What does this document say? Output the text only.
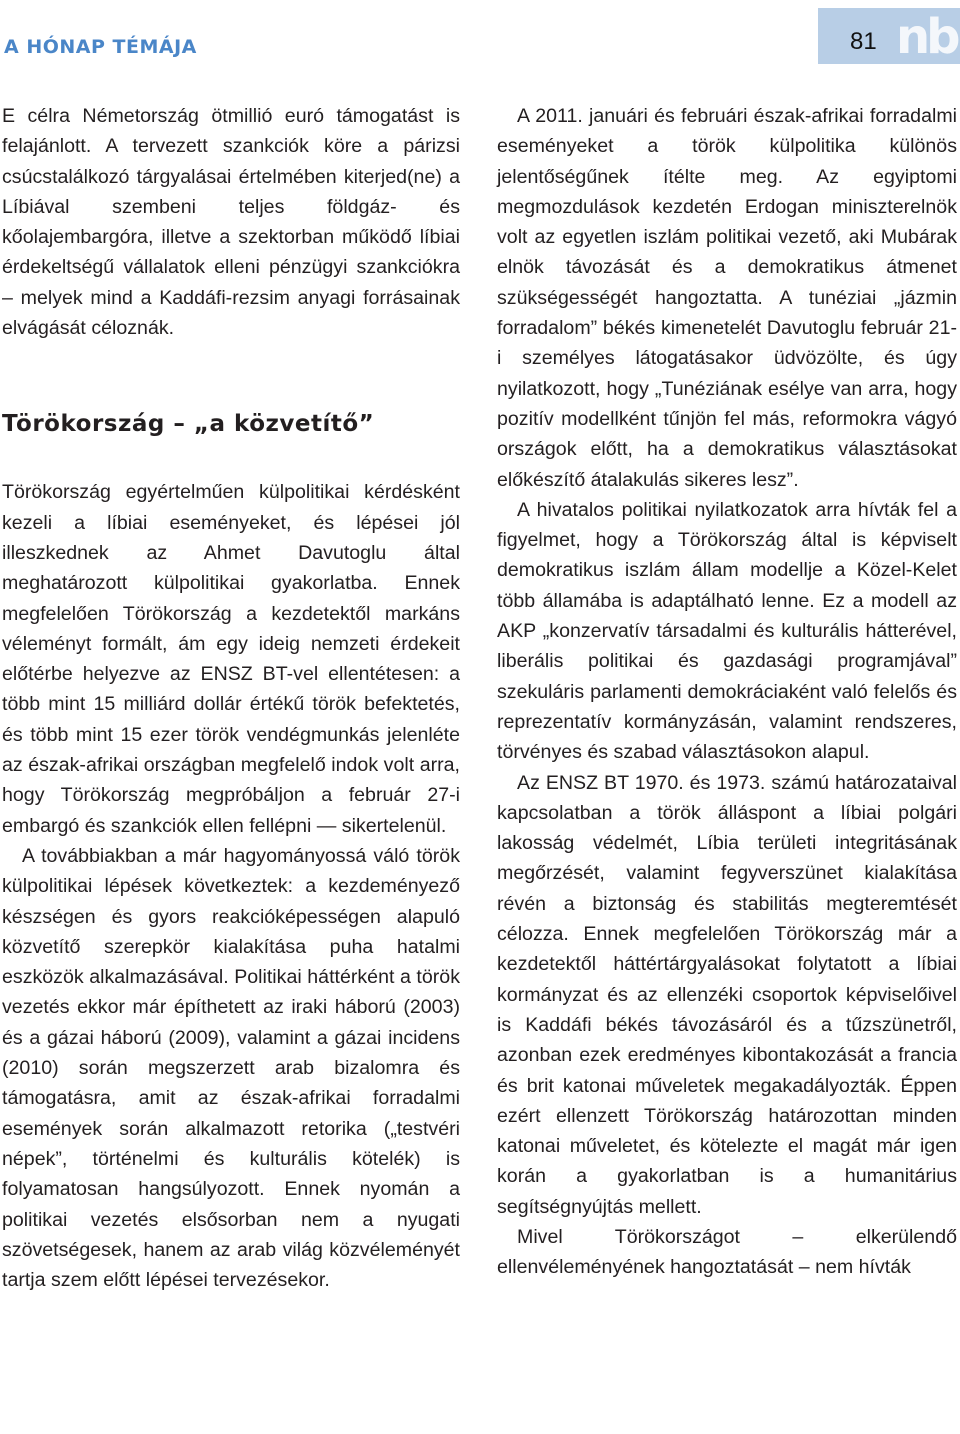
A HÓNAP TÉMÁJA	81 nb

E célra Németország ötmillió euró támogatást is felajánlott. A tervezett szankciók köre a párizsi csúcstalálkozó tárgyalásai értelmében kiterjed(ne) a Líbiával szembeni teljes földgáz- és kőolajembargóra, illetve a szektorban működő líbiai érdekeltségű vállalatok elleni pénzügyi szankciókra – melyek mind a Kaddáfi-rezsim anyagi forrásainak elvágását céloznák.

Törökország – „a közvetítő”

Törökország egyértelműen külpolitikai kérdésként kezeli a líbiai eseményeket, és lépései jól illeszkednek az Ahmet Davutoglu által meghatározott külpolitikai gyakorlatba. Ennek megfelelően Törökország a kezdetektől markáns véleményt formált, ám egy ideig nemzeti érdekeit előtérbe helyezve az ENSZ BT-vel ellentétesen: a több mint 15 milliárd dollár értékű török befektetés, és több mint 15 ezer török vendégmunkás jelenléte az észak-afrikai országban megfelelő indok volt arra, hogy Törökország megpróbáljon a február 27-i embargó és szankciók ellen fellépni — sikertelenül.

A továbbiakban a már hagyományossá váló török külpolitikai lépések következtek: a kezdeményező készségen és gyors reakcióképességen alapuló közvetítő szerepkör kialakítása puha hatalmi eszközök alkalmazásával. Politikai háttérként a török vezetés ekkor már építhetett az iraki háború (2003) és a gázai háború (2009), valamint a gázai incidens (2010) során megszerzett arab bizalomra és támogatásra, amit az észak-afrikai forradalmi események során alkalmazott retorika („testvéri népek”, történelmi és kulturális kötelék) is folyamatosan hangsúlyozott. Ennek nyomán a politikai vezetés elsősorban nem a nyugati szövetségesek, hanem az arab világ közvéleményét tartja szem előtt lépései tervezésekor.

A 2011. januári és februári észak-afrikai forradalmi eseményeket a török külpolitika különös jelentőségűnek ítélte meg. Az egyiptomi megmozdulások kezdetén Erdogan miniszterelnök volt az egyetlen iszlám politikai vezető, aki Mubárak elnök távozását és a demokratikus átmenet szükségességét hangoztatta. A tunéziai „jázmin forradalom” békés kimenetelét Davutoglu február 21-i személyes látogatásakor üdvözölte, és úgy nyilatkozott, hogy „Tunéziának esélye van arra, hogy pozitív modellként tűnjön fel más, reformokra vágyó országok előtt, ha a demokratikus választásokat előkészítő átalakulás sikeres lesz”.

A hivatalos politikai nyilatkozatok arra hívták fel a figyelmet, hogy a Törökország által is képviselt demokratikus iszlám állam modellje a Közel-Kelet több államába is adaptálható lenne. Ez a modell az AKP „konzervatív társadalmi és kulturális hátterével, liberális politikai és gazdasági programjával” szekuláris parlamenti demokráciaként való felelős és reprezentatív kormányzásán, valamint rendszeres, törvényes és szabad választásokon alapul.

Az ENSZ BT 1970. és 1973. számú határozataival kapcsolatban a török álláspont a líbiai polgári lakosság védelmét, Líbia területi integritásának megőrzését, valamint fegyverszünet kialakítása révén a biztonság és stabilitás megteremtését célozza. Ennek megfelelően Törökország már a kezdetektől háttértárgyalásokat folytatott a líbiai kormányzat és az ellenzéki csoportok képviselőivel is Kaddáfi békés távozásáról és a tűzszünetről, azonban ezek eredményes kibontakozását a francia és brit katonai műveletek megakadályozták. Éppen ezért ellenzett Törökország határozottan minden katonai műveletet, és kötelezte el magát már igen korán a gyakorlatban is a humanitárius segítségnyújtás mellett.

Mivel Törökországot – elkerülendő ellenvéleményének hangoztatását – nem hívták
